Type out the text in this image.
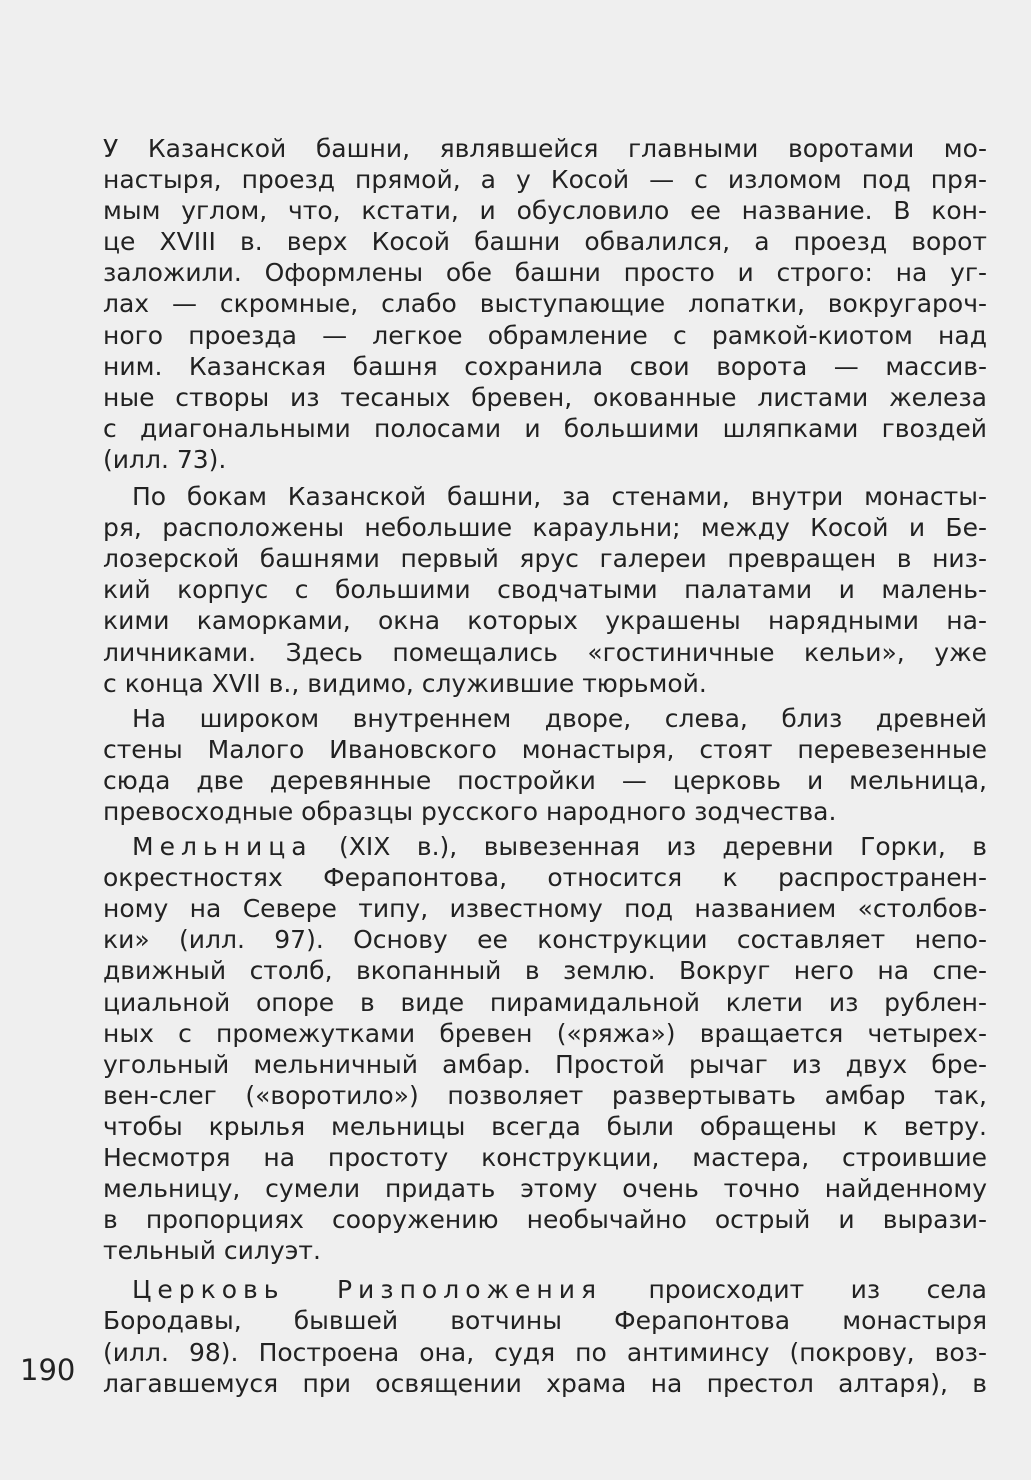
У Казанской башни, являвшейся главными воротами мо-
настыря, проезд прямой, а у Косой — с изломом под пря-
мым углом, что, кстати, и обусловило ее название. В кон-
це XVIII в. верх Косой башни обвалился, а проезд ворот
заложили. Оформлены обе башни просто и строго: на уг-
лах — скромные, слабо выступающие лопатки, вокругароч-
ного проезда — легкое обрамление с рамкой-киотом над
ним. Казанская башня сохранила свои ворота — массив-
ные створы из тесаных бревен, окованные листами железа
с диагональными полосами и большими шляпками гвоздей
(илл. 73).
По бокам Казанской башни, за стенами, внутри монасты-
ря, расположены небольшие караульни; между Косой и Бе-
лозерской башнями первый ярус галереи превращен в низ-
кий корпус с большими сводчатыми палатами и малень-
кими каморками, окна которых украшены нарядными на-
личниками. Здесь помещались «гостиничные кельи», уже
с конца XVII в., видимо, служившие тюрьмой.
На широком внутреннем дворе, слева, близ древней
стены Малого Ивановского монастыря, стоят перевезенные
сюда две деревянные постройки — церковь и мельница,
превосходные образцы русского народного зодчества.
Мельница (XIX в.), вывезенная из деревни Горки, в
окрестностях Ферапонтова, относится к распространен-
ному на Севере типу, известному под названием «столбов-
ки» (илл. 97). Основу ее конструкции составляет непо-
движный столб, вкопанный в землю. Вокруг него на спе-
циальной опоре в виде пирамидальной клети из рублен-
ных с промежутками бревен («ряжа») вращается четырех-
угольный мельничный амбар. Простой рычаг из двух бре-
вен-слег («воротило») позволяет развертывать амбар так,
чтобы крылья мельницы всегда были обращены к ветру.
Несмотря на простоту конструкции, мастера, строившие
мельницу, сумели придать этому очень точно найденному
в пропорциях сооружению необычайно острый и вырази-
тельный силуэт.
Церковь Ризположения происходит из села
Бородавы, бывшей вотчины Ферапонтова монастыря
(илл. 98). Построена она, судя по антиминсу (покрову, воз-
лагавшемуся при освящении храма на престол алтаря), в
190
